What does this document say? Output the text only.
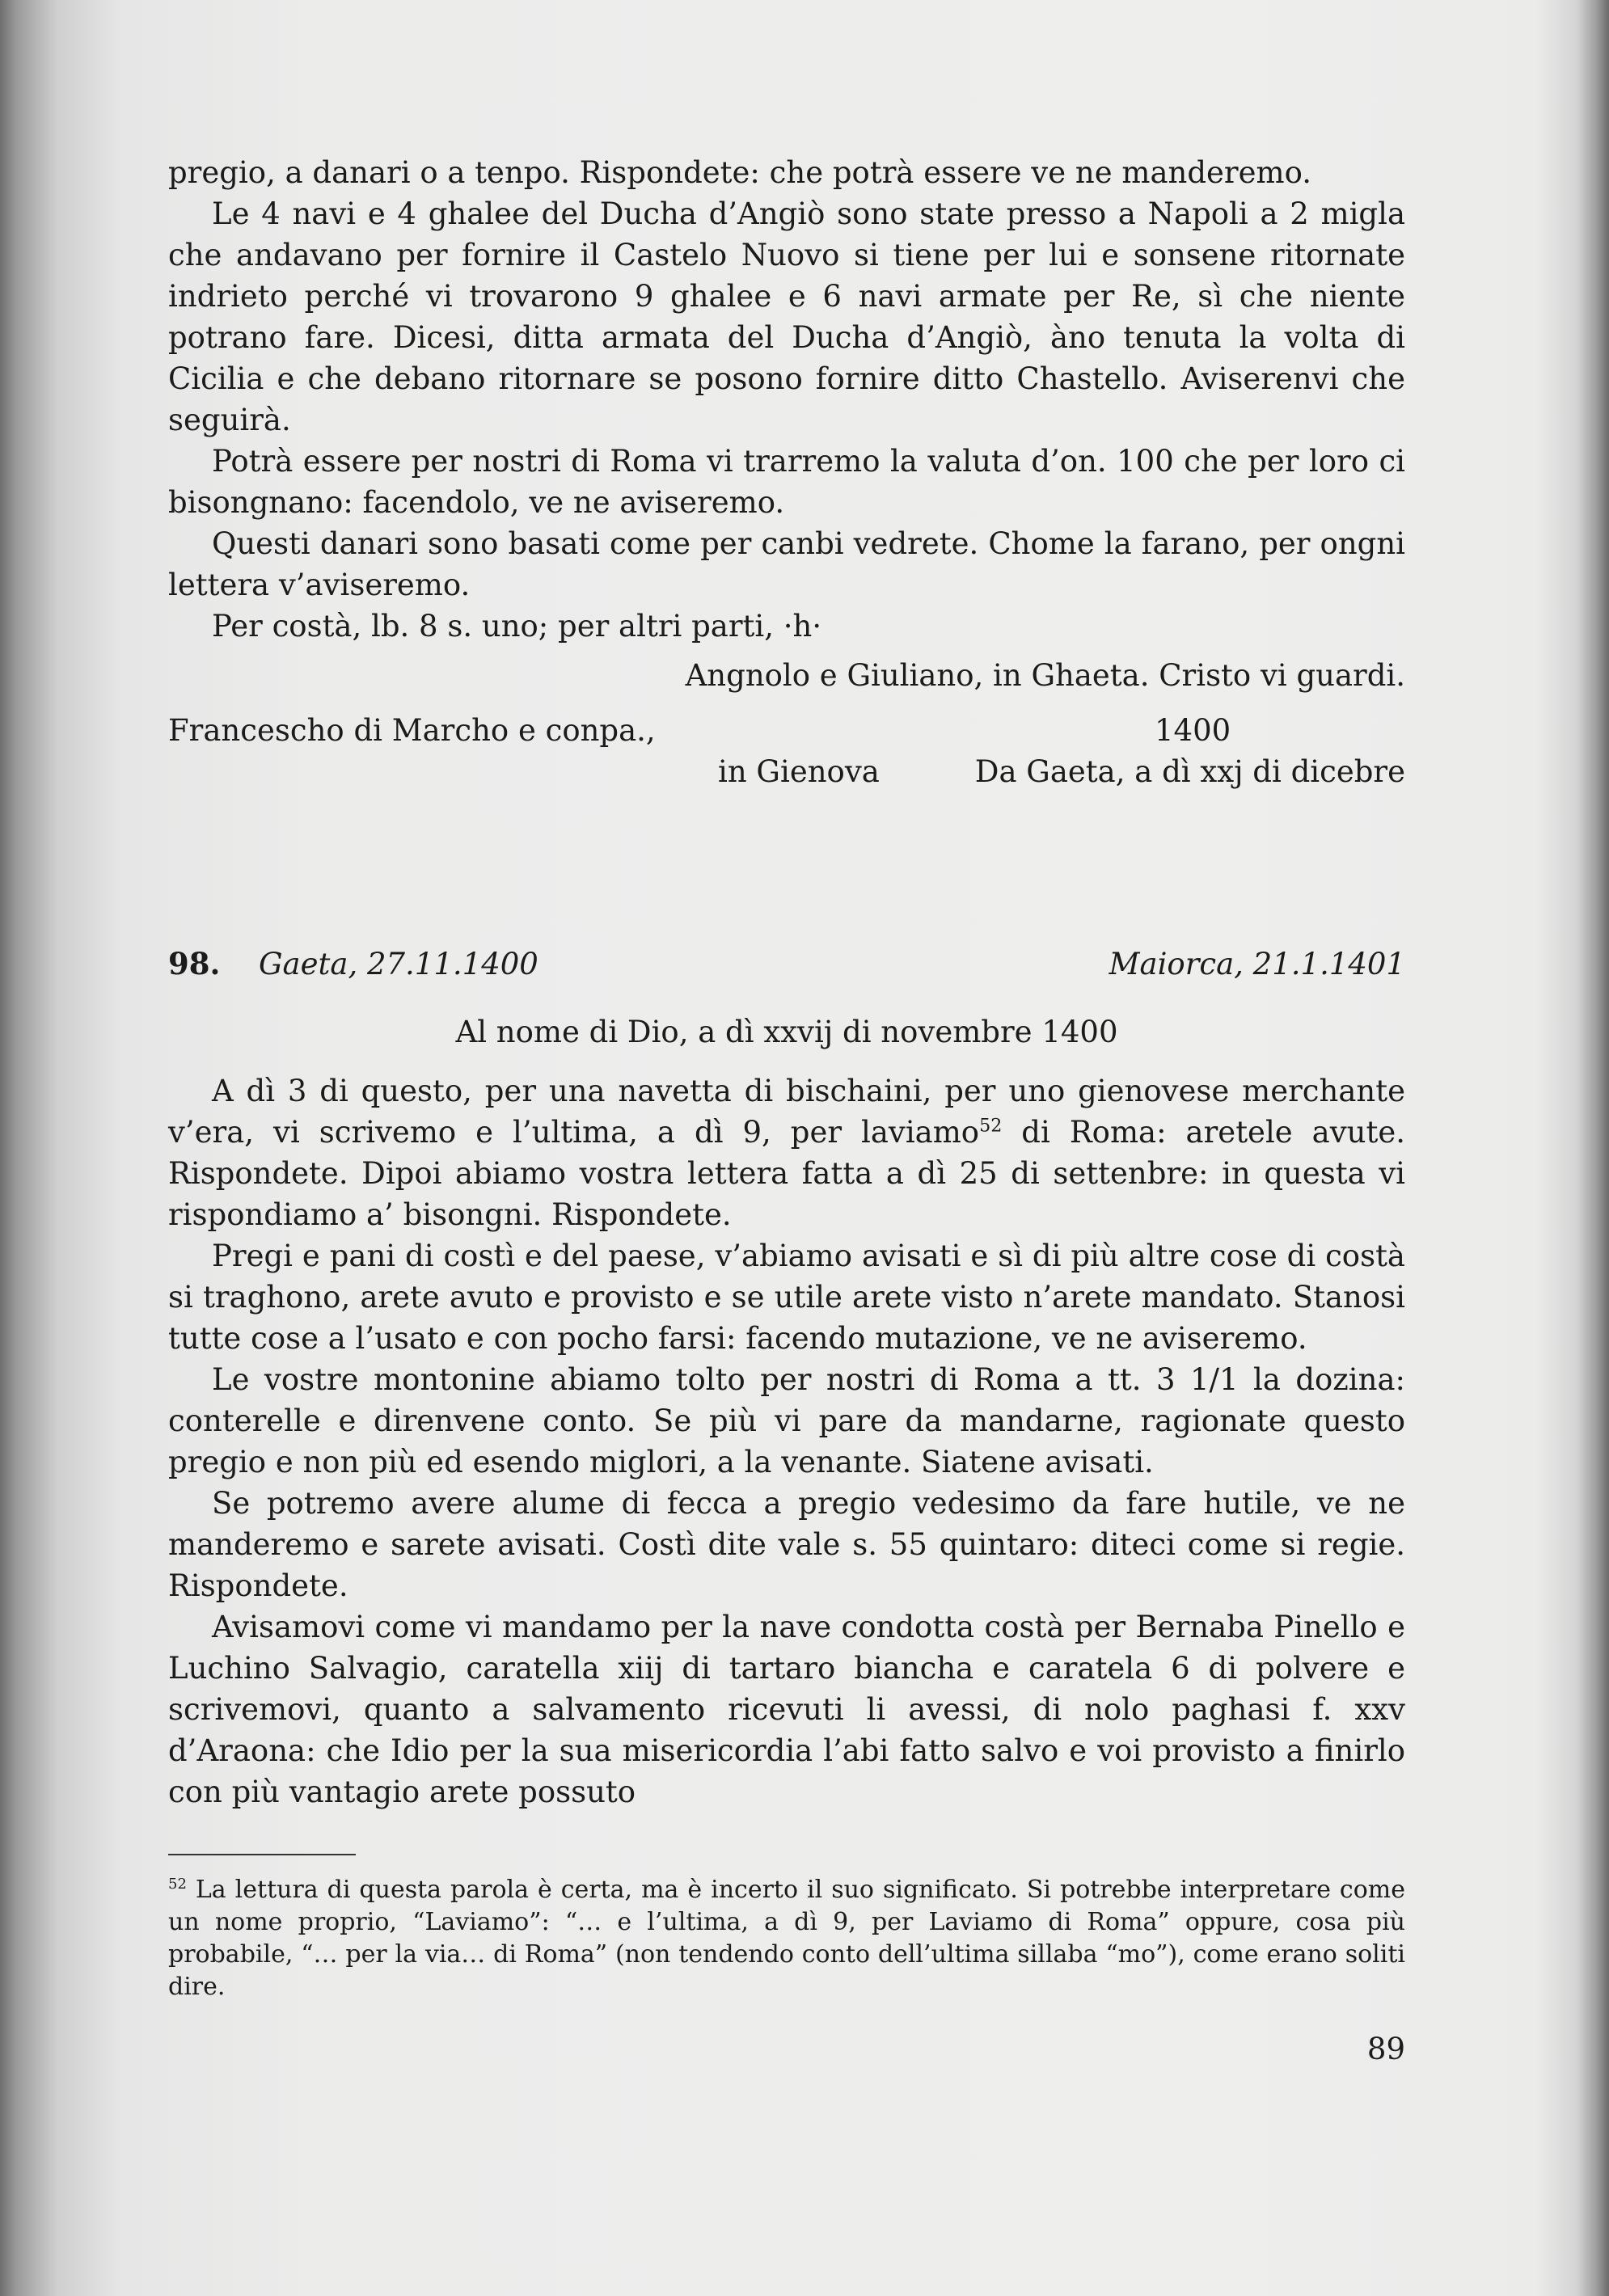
pregio, a danari o a tenpo. Rispondete: che potrà essere ve ne manderemo.

Le 4 navi e 4 ghalee del Ducha d’Angiò sono state presso a Napoli a 2 migla che andavano per fornire il Castelo Nuovo si tiene per lui e sonsene ritornate indrieto perché vi trovarono 9 ghalee e 6 navi armate per Re, sì che niente potrano fare. Dicesi, ditta armata del Ducha d’Angiò, àno tenuta la volta di Cicilia e che debano ritornare se posono fornire ditto Chastello. Aviserenvi che seguirà.

Potrà essere per nostri di Roma vi trarremo la valuta d’on. 100 che per loro ci bisongnano: facendolo, ve ne aviseremo.

Questi danari sono basati come per canbi vedrete. Chome la farano, per ongni lettera v’aviseremo.

Per costà, lb. 8 s. uno; per altri parti, ·h·

Angnolo e Giuliano, in Ghaeta. Cristo vi guardi.

Francescho di Marcho e conpa.,	1400
in Gienova	Da Gaeta, a dì xxj di dicebre
98. Gaeta, 27.11.1400	Maiorca, 21.1.1401
Al nome di Dio, a dì xxvij di novembre 1400

A dì 3 di questo, per una navetta di bischaini, per uno gienovese merchante v’era, vi scrivemo e l’ultima, a dì 9, per laviamo$^{52}$ di Roma: aretele avute. Rispondete. Dipoi abiamo vostra lettera fatta a dì 25 di settenbre: in questa vi rispondiamo a’ bisongni. Rispondete.

Pregi e pani di costì e del paese, v’abiamo avisati e sì di più altre cose di costà si traghono, arete avuto e provisto e se utile arete visto n’arete mandato. Stanosi tutte cose a l’usato e con pocho farsi: facendo mutazione, ve ne aviseremo.

Le vostre montonine abiamo tolto per nostri di Roma a tt. 3 1/1 la dozina: conterelle e direnvene conto. Se più vi pare da mandarne, ragionate questo pregio e non più ed esendo miglori, a la venante. Siatene avisati.

Se potremo avere alume di fecca a pregio vedesimo da fare hutile, ve ne manderemo e sarete avisati. Costì dite vale s. 55 quintaro: diteci come si regie. Rispondete.

Avisamovi come vi mandamo per la nave condotta costà per Bernaba Pinello e Luchino Salvagio, caratella xiij di tartaro biancha e caratela 6 di polvere e scrivemovi, quanto a salvamento ricevuti li avessi, di nolo paghasi f. xxv d’Araona: che Idio per la sua misericordia l’abi fatto salvo e voi provisto a finirlo con più vantagio arete possuto

$^{52}$ La lettura di questa parola è certa, ma è incerto il suo significato. Si potrebbe interpretare come un nome proprio, “Laviamo”: “… e l’ultima, a dì 9, per Laviamo di Roma” oppure, cosa più probabile, “… per la via… di Roma” (non tendendo conto dell’ultima sillaba “mo”), come erano soliti dire.
89
